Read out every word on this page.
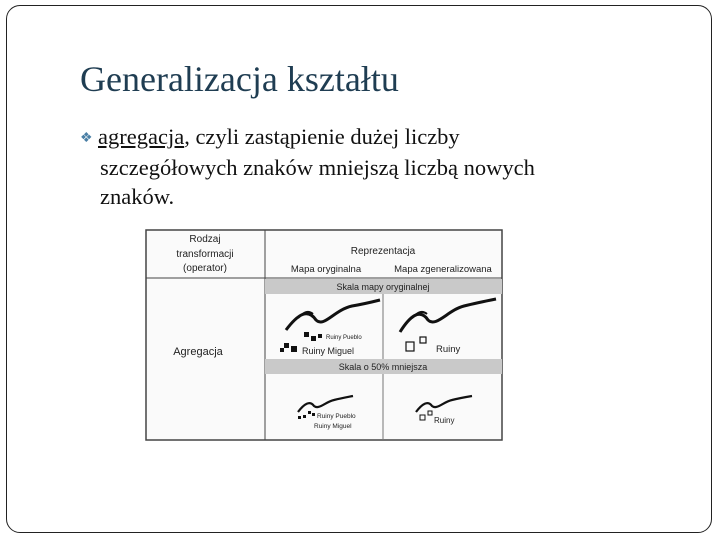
Generalizacja kształtu
❖ agregacja, czyli zastąpienie dużej liczby
szczegółowych znaków mniejszą liczbą nowych
znaków.
Rodzaj
transformacji
(operator)
Reprezentacja
Mapa oryginalna	Mapa zgeneralizowana
Skala mapy oryginalnej
Skala o 50% mniejsza
Agregacja
Ruiny Pueblo
Ruiny Miguel	Ruiny
Ruiny Pueblo
Ruiny Miguel
Ruiny
